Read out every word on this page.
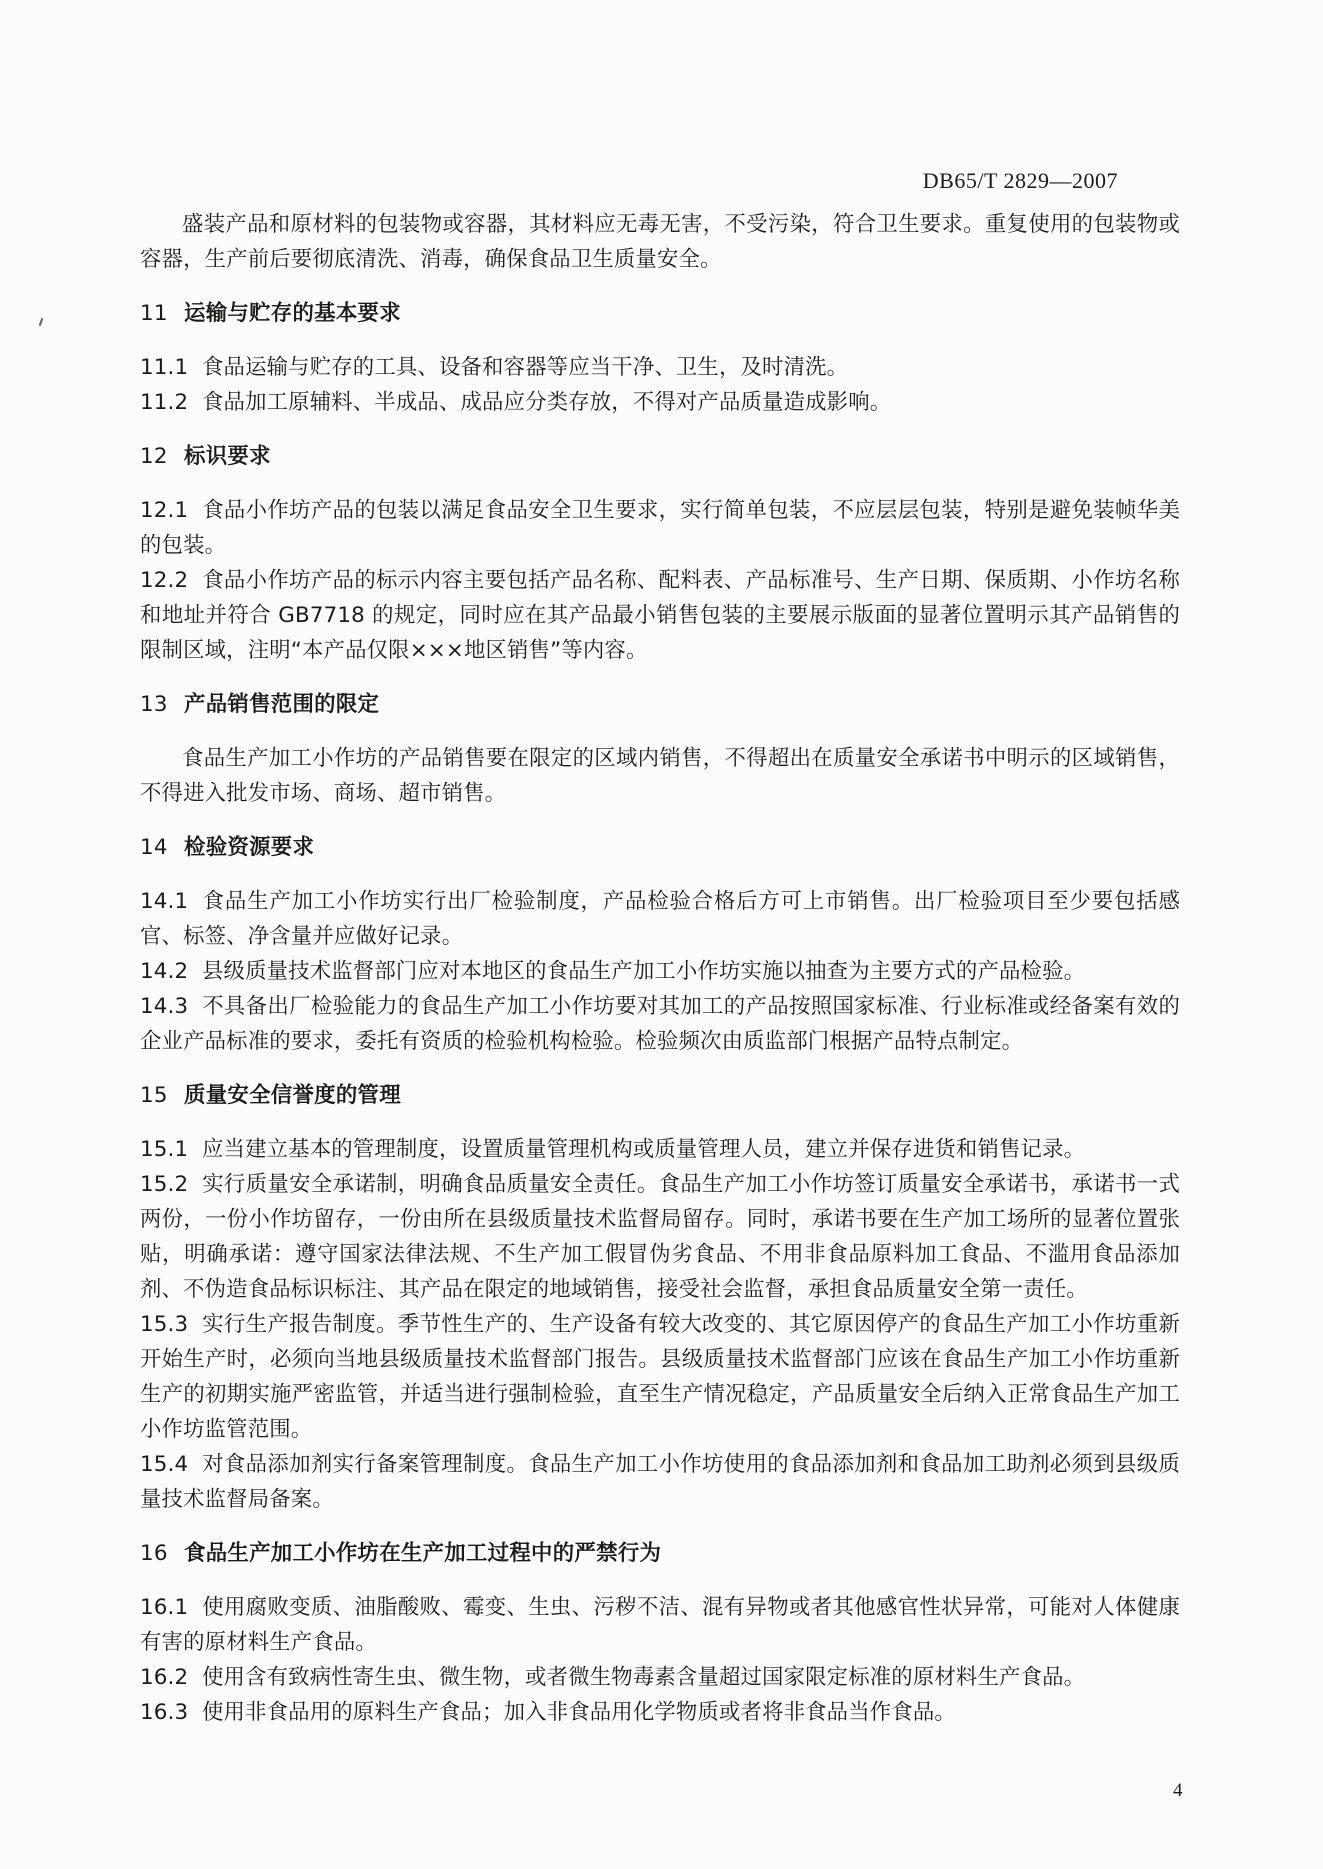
DB65/T 2829—2007

盛装产品和原材料的包装物或容器，其材料应无毒无害，不受污染，符合卫生要求。重复使用的包装物或容器，生产前后要彻底清洗、消毒，确保食品卫生质量安全。

11 运输与贮存的基本要求
11.1 食品运输与贮存的工具、设备和容器等应当干净、卫生，及时清洗。
11.2 食品加工原辅料、半成品、成品应分类存放，不得对产品质量造成影响。
12 标识要求

12.1 食品小作坊产品的包装以满足食品安全卫生要求，实行简单包装，不应层层包装，特别是避免装帧华美的包装。

12.2 食品小作坊产品的标示内容主要包括产品名称、配料表、产品标准号、生产日期、保质期、小作坊名称和地址并符合 GB7718 的规定，同时应在其产品最小销售包装的主要展示版面的显著位置明示其产品销售的限制区域，注明“本产品仅限×××地区销售”等内容。

13 产品销售范围的限定

食品生产加工小作坊的产品销售要在限定的区域内销售，不得超出在质量安全承诺书中明示的区域销售，不得进入批发市场、商场、超市销售。

14 检验资源要求

14.1 食品生产加工小作坊实行出厂检验制度，产品检验合格后方可上市销售。出厂检验项目至少要包括感官、标签、净含量并应做好记录。

14.2 县级质量技术监督部门应对本地区的食品生产加工小作坊实施以抽查为主要方式的产品检验。

14.3 不具备出厂检验能力的食品生产加工小作坊要对其加工的产品按照国家标准、行业标准或经备案有效的企业产品标准的要求，委托有资质的检验机构检验。检验频次由质监部门根据产品特点制定。

15 质量安全信誉度的管理

15.1 应当建立基本的管理制度，设置质量管理机构或质量管理人员，建立并保存进货和销售记录。

15.2 实行质量安全承诺制，明确食品质量安全责任。食品生产加工小作坊签订质量安全承诺书，承诺书一式两份，一份小作坊留存，一份由所在县级质量技术监督局留存。同时，承诺书要在生产加工场所的显著位置张贴，明确承诺：遵守国家法律法规、不生产加工假冒伪劣食品、不用非食品原料加工食品、不滥用食品添加剂、不伪造食品标识标注、其产品在限定的地域销售，接受社会监督，承担食品质量安全第一责任。

15.3 实行生产报告制度。季节性生产的、生产设备有较大改变的、其它原因停产的食品生产加工小作坊重新开始生产时，必须向当地县级质量技术监督部门报告。县级质量技术监督部门应该在食品生产加工小作坊重新生产的初期实施严密监管，并适当进行强制检验，直至生产情况稳定，产品质量安全后纳入正常食品生产加工小作坊监管范围。

15.4 对食品添加剂实行备案管理制度。食品生产加工小作坊使用的食品添加剂和食品加工助剂必须到县级质量技术监督局备案。

16 食品生产加工小作坊在生产加工过程中的严禁行为

16.1 使用腐败变质、油脂酸败、霉变、生虫、污秽不洁、混有异物或者其他感官性状异常，可能对人体健康有害的原材料生产食品。

16.2 使用含有致病性寄生虫、微生物，或者微生物毒素含量超过国家限定标准的原材料生产食品。

16.3 使用非食品用的原料生产食品；加入非食品用化学物质或者将非食品当作食品。

4
